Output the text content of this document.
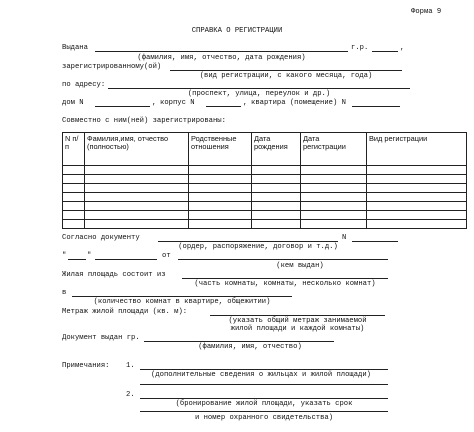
Форма 9
СПРАВКА О РЕГИСТРАЦИИ
Выдана	г.р.	,
(фамилия, имя, отчество, дата рождения)
зарегистрированному(ой)
(вид регистрации, с какого месяца, года)
по адресу:
(проспект, улица, переулок и др.)
дом N	, корпус N	, квартира (помещение) N
Совместно с ним(ней) зарегистрированы:
N п/п	Фамилия,имя, отчество (полностью)	Родственные отношения	Дата рождения	Дата регистрации	Вид регистрации

Согласно документу	N
(ордер, распоряжение, договор и т.д.)
"	"	от
(кем выдан)
Жилая площадь состоит из
(часть комнаты, комнаты, несколько комнат)
в
(количество комнат в квартире, общежитии)
Метраж жилой площади (кв. м):
(указать общий метраж занимаемой
жилой площади и каждой комнаты)
Документ выдан гр.
(фамилия, имя, отчество)
Примечания: 1.
(дополнительные сведения о жильцах и жилой площади)
2.
(бронирование жилой площади, указать срок
и номер охранного свидетельства)
